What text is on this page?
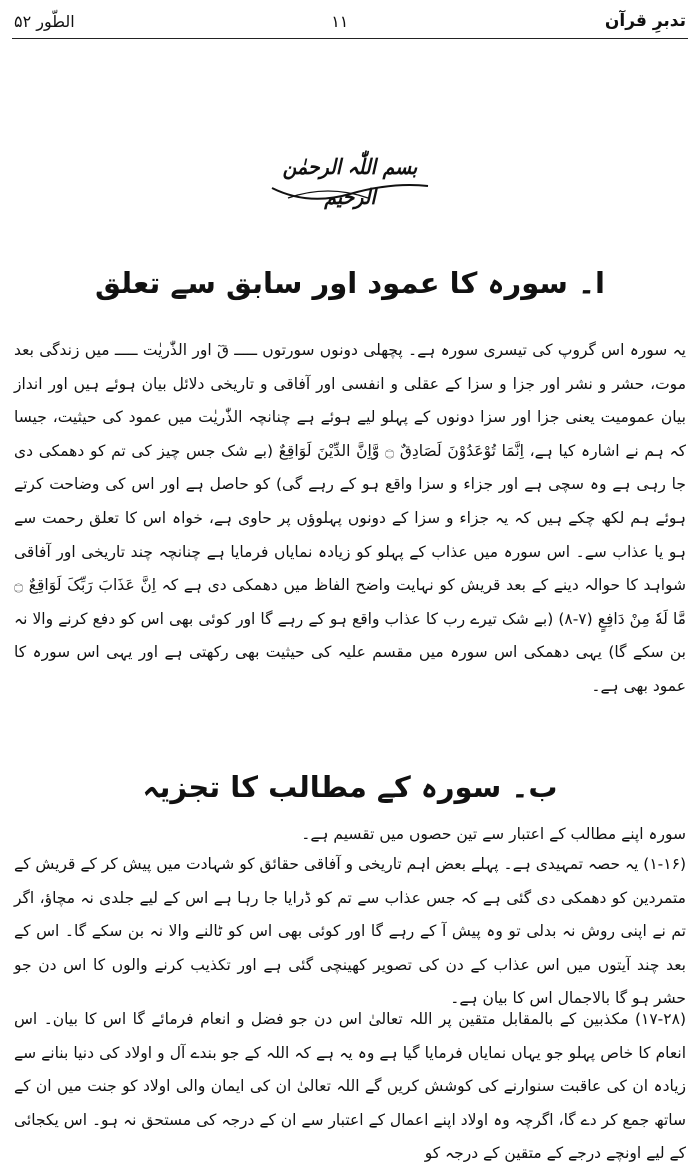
تدبرِ قرآن
۱۱
الطّور ۵۲
بسم اللّٰہ الرحمٰن الرحیم
ا۔ سورہ کا عمود اور سابق سے تعلق
یہ سورہ اس گروپ کی تیسری سورہ ہے۔ پچھلی دونوں سورتوں ـــــ قٓ اور الذّٰریٰت ـــــ میں زندگی بعد موت، حشر و نشر اور جزا و سزا کے عقلی و انفسی اور آفاقی و تاریخی دلائل بیان ہوئے ہیں اور انداز بیان عمومیت یعنی جزا اور سزا دونوں کے پہلو لیے ہوئے ہے چنانچہ الذّٰریٰت میں عمود کی حیثیت، جیسا کہ ہم نے اشارہ کیا ہے، اِنَّمَا تُوْعَدُوْنَ لَصَادِقٌ ۝ وَّاِنَّ الدِّیْنَ لَوَاقِعٌ (بے شک جس چیز کی تم کو دھمکی دی جا رہی ہے وہ سچی ہے اور جزاء و سزا واقع ہو کے رہے گی) کو حاصل ہے اور اس کی وضاحت کرتے ہوئے ہم لکھ چکے ہیں کہ یہ جزاء و سزا کے دونوں پہلوؤں پر حاوی ہے، خواہ اس کا تعلق رحمت سے ہو یا عذاب سے۔ اس سورہ میں عذاب کے پہلو کو زیادہ نمایاں فرمایا ہے چنانچہ چند تاریخی اور آفاقی شواہد کا حوالہ دینے کے بعد قریش کو نہایت واضح الفاظ میں دھمکی دی ہے کہ اِنَّ عَذَابَ رَبِّکَ لَوَاقِعٌ ۝ مَّا لَهٗ مِنْ دَافِعٍ (۷-۸) (بے شک تیرے رب کا عذاب واقع ہو کے رہے گا اور کوئی بھی اس کو دفع کرنے والا نہ بن سکے گا) یہی دھمکی اس سورہ میں مقسم علیہ کی حیثیت بھی رکھتی ہے اور یہی اس سورہ کا عمود بھی ہے۔
ب۔ سورہ کے مطالب کا تجزیہ
سورہ اپنے مطالب کے اعتبار سے تین حصوں میں تقسیم ہے۔
(۱-۱۶) یہ حصہ تمہیدی ہے۔ پہلے بعض اہم تاریخی و آفاقی حقائق کو شہادت میں پیش کر کے قریش کے متمردین کو دھمکی دی گئی ہے کہ جس عذاب سے تم کو ڈرایا جا رہا ہے اس کے لیے جلدی نہ مچاؤ، اگر تم نے اپنی روش نہ بدلی تو وہ پیش آ کے رہے گا اور کوئی بھی اس کو ٹالنے والا نہ بن سکے گا۔ اس کے بعد چند آیتوں میں اس عذاب کے دن کی تصویر کھینچی گئی ہے اور تکذیب کرنے والوں کا اس دن جو حشر ہو گا بالاجمال اس کا بیان ہے۔
(۱۷-۲۸) مکذبین کے بالمقابل متقین پر اللہ تعالیٰ اس دن جو فضل و انعام فرمائے گا اس کا بیان۔ اس انعام کا خاص پہلو جو یہاں نمایاں فرمایا گیا ہے وہ یہ ہے کہ اللہ کے جو بندے آل و اولاد کی دنیا بنانے سے زیادہ ان کی عاقبت سنوارنے کی کوشش کریں گے اللہ تعالیٰ ان کی ایمان والی اولاد کو جنت میں ان کے ساتھ جمع کر دے گا، اگرچہ وہ اولاد اپنے اعمال کے اعتبار سے ان کے درجہ کی مستحق نہ ہو۔ اس یکجائی کے لیے اونچے درجے کے متقین کے درجہ کو
